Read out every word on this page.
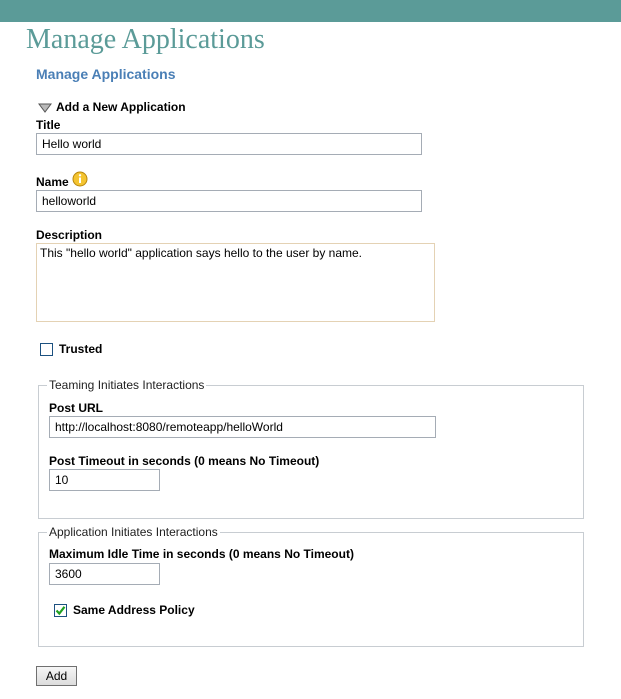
Manage Applications
Manage Applications
Add a New Application
Title
Hello world
Name
helloworld
Description
This "hello world" application says hello to the user by name.
Trusted
Teaming Initiates Interactions
Post URL
http://localhost:8080/remoteapp/helloWorld
Post Timeout in seconds (0 means No Timeout)
10
Application Initiates Interactions
Maximum Idle Time in seconds (0 means No Timeout)
3600
Same Address Policy
Add
